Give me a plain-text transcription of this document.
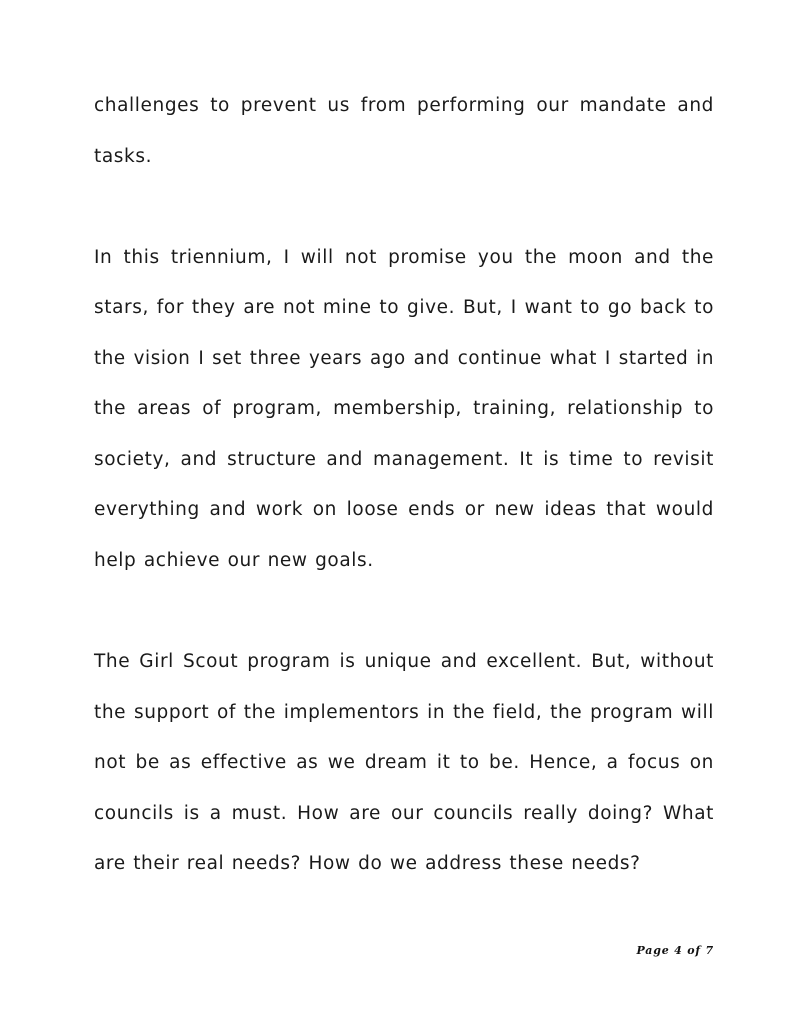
challenges to prevent us from performing our mandate and
tasks.
In this triennium, I will not promise you the moon and the
stars, for they are not mine to give. But, I want to go back to
the vision I set three years ago and continue what I started in
the areas of program, membership, training, relationship to
society, and structure and management. It is time to revisit
everything and work on loose ends or new ideas that would
help achieve our new goals.
The Girl Scout program is unique and excellent. But, without
the support of the implementors in the field, the program will
not be as effective as we dream it to be. Hence, a focus on
councils is a must. How are our councils really doing? What
are their real needs? How do we address these needs?
Page 4 of 7
